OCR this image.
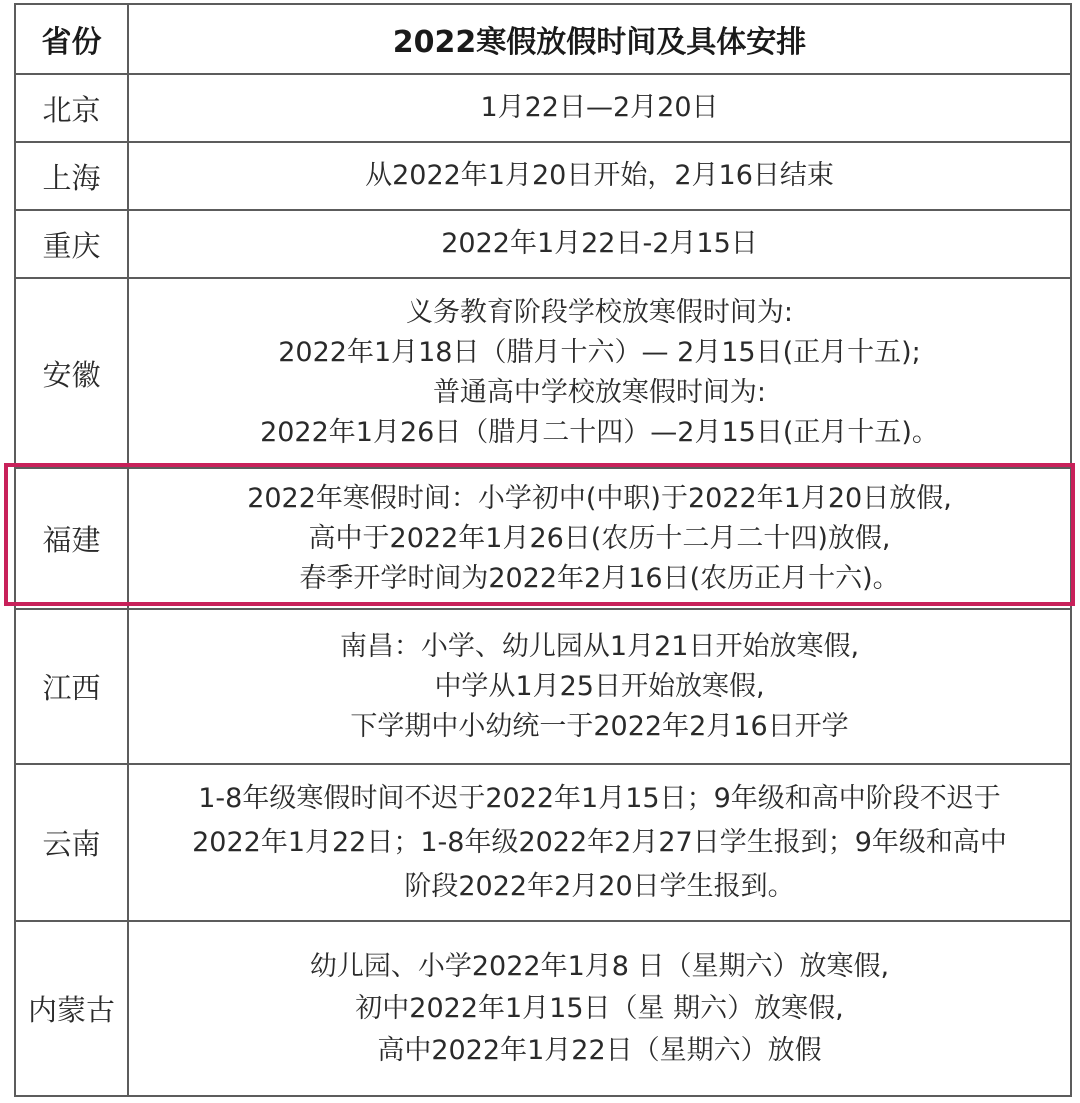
省份	2022寒假放假时间及具体安排
北京	1月22日—2月20日

上海	从2022年1月20日开始，2月16日结束

重庆	2022年1月22日-2月15日

安徽	义务教育阶段学校放寒假时间为:
2022年1月18日（腊月十六）— 2月15日(正月十五);
普通高中学校放寒假时间为:
2022年1月26日（腊月二十四）—2月15日(正月十五)。

福建	2022年寒假时间：小学初中(中职)于2022年1月20日放假,
高中于2022年1月26日(农历十二月二十四)放假,
春季开学时间为2022年2月16日(农历正月十六)。

江西	南昌：小学、幼儿园从1月21日开始放寒假,
中学从1月25日开始放寒假,
下学期中小幼统一于2022年2月16日开学

云南	1-8年级寒假时间不迟于2022年1月15日；9年级和高中阶段不迟于
2022年1月22日；1-8年级2022年2月27日学生报到；9年级和高中
阶段2022年2月20日学生报到。

内蒙古	幼儿园、小学2022年1月8 日（星期六）放寒假,
初中2022年1月15日（星 期六）放寒假,
高中2022年1月22日（星期六）放假
